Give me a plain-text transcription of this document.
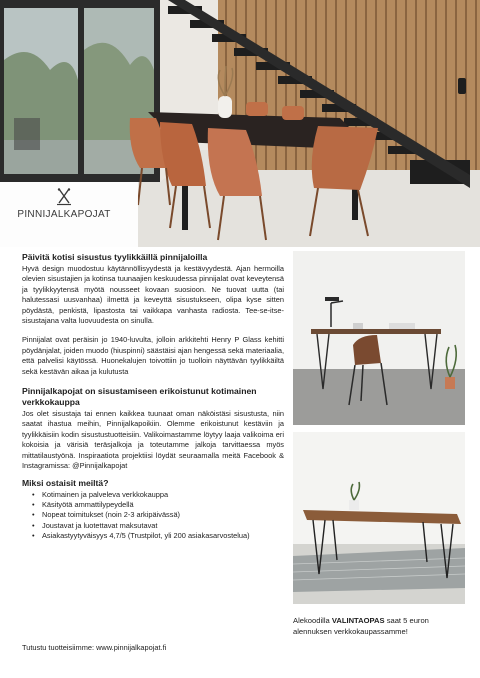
PINNIJALKAPOJAT
Päivitä kotisi sisustus tyylikkäillä pinnijaloilla

Hyvä design muodostuu käytännöllisyydestä ja kestävyydestä. Ajan hermoilla olevien sisustajien ja kotinsa tuunaajien keskuudessa pinnijalat ovat keveytensä ja tyylikkyytensä myötä nousseet kovaan suosioon. Ne tuovat uutta (tai halutessasi uusvanhaa) ilmettä ja keveyttä sisustukseen, olipa kyse sitten pöydästä, penkistä, lipastosta tai vaikkapa vanhasta radiosta. Tee-se-itse-sisustajana valta luovuudesta on sinulla.

Pinnijalat ovat peräisin jo 1940-luvulta, jolloin arkkitehti Henry P Glass kehitti pöydänjalat, joiden muodo (hiuspinni) säästäisi ajan hengessä sekä materiaalia, että palvelisi käytössä. Huonekalujen toivottiin jo tuolloin näyttävän tyylikkäiltä sekä kestävän aikaa ja kulutusta

Pinnijalkapojat on sisustamiseen erikoistunut kotimainen verkkokauppa

Jos olet sisustaja tai ennen kaikkea tuunaat oman näköistäsi sisustusta, niin saatat ihastua meihin, Pinnijalkapoikiin. Olemme erikoistunut kestäviin ja tyylikkäisiin kodin sisustustuotteisiin. Valikoimastamme löytyy laaja valikoima eri kokoisia ja värisiä teräsjalkoja ja toteutamme jalkoja tarvittaessa myös mittatilaustyönä. Inspiraatiota projektiisi löydät seuraamalla meitä Facebook & Instagramissa: @Pinnijalkapojat

Miksi ostaisit meiltä?
• Kotimainen ja palveleva verkkokauppa
• Käsityötä ammattilypeydellä
• Nopeat toimitukset (noin 2-3 arkipäivässä)
• Joustavat ja luotettavat maksutavat
• Asiakastyytyväisyys 4,7/5 (Trustpilot, yli 200 asiakasarvostelua)

Tutustu tuotteisiimme: www.pinnijalkapojat.fi

Alekoodilla VALINTAOPAS saat 5 euron alennuksen verkkokaupassamme!
